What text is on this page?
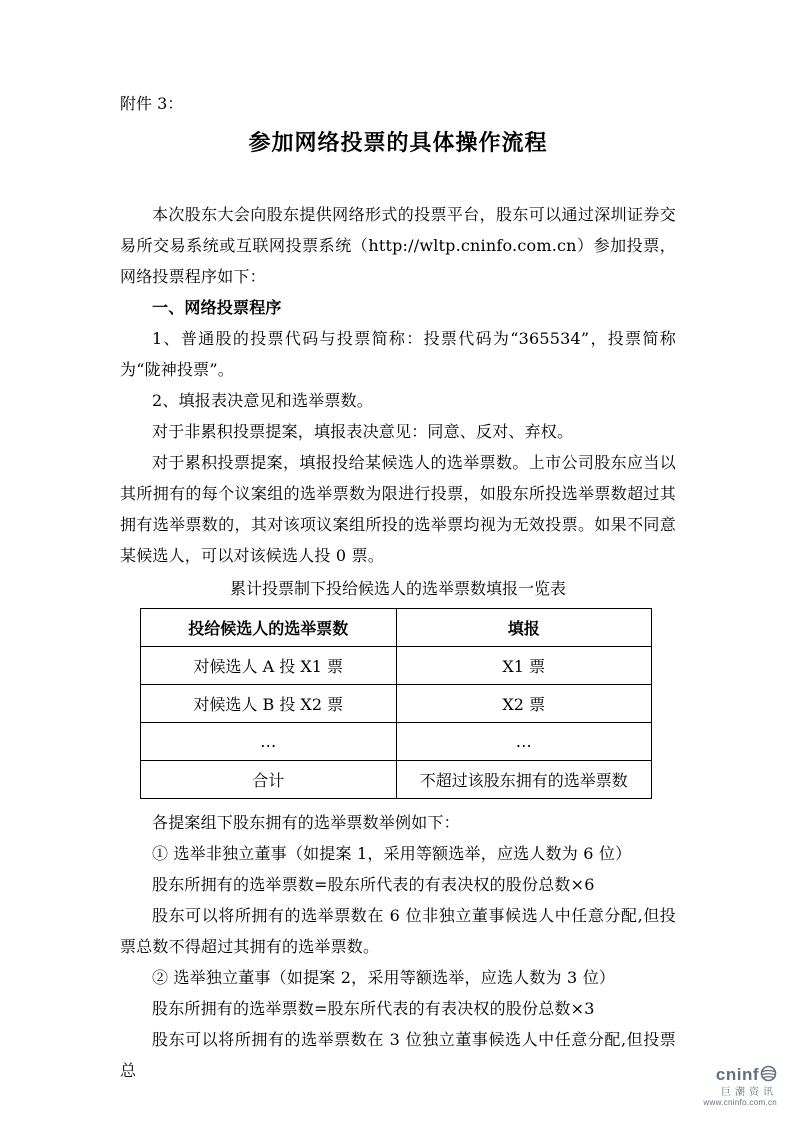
附件 3：
参加网络投票的具体操作流程

本次股东大会向股东提供网络形式的投票平台，股东可以通过深圳证券交易所交易系统或互联网投票系统（http://wltp.cninfo.com.cn）参加投票，网络投票程序如下：

一、网络投票程序

1、普通股的投票代码与投票简称：投票代码为“365534”，投票简称为“陇神投票”。

2、填报表决意见和选举票数。

对于非累积投票提案，填报表决意见：同意、反对、弃权。

对于累积投票提案，填报投给某候选人的选举票数。上市公司股东应当以其所拥有的每个议案组的选举票数为限进行投票，如股东所投选举票数超过其拥有选举票数的，其对该项议案组所投的选举票均视为无效投票。如果不同意某候选人，可以对该候选人投 0 票。

累计投票制下投给候选人的选举票数填报一览表
投给候选人的选举票数	填报
对候选人 A 投 X1 票	X1 票
对候选人 B 投 X2 票	X2 票
…	…
合计	不超过该股东拥有的选举票数

各提案组下股东拥有的选举票数举例如下：

① 选举非独立董事（如提案 1，采用等额选举，应选人数为 6 位）

股东所拥有的选举票数=股东所代表的有表决权的股份总数×6

股东可以将所拥有的选举票数在 6 位非独立董事候选人中任意分配,但投票总数不得超过其拥有的选举票数。

② 选举独立董事（如提案 2，采用等额选举，应选人数为 3 位）

股东所拥有的选举票数=股东所代表的有表决权的股份总数×3

股东可以将所拥有的选举票数在 3 位独立董事候选人中任意分配,但投票总	cninf
巨潮资讯
www.cninfo.com.cn
